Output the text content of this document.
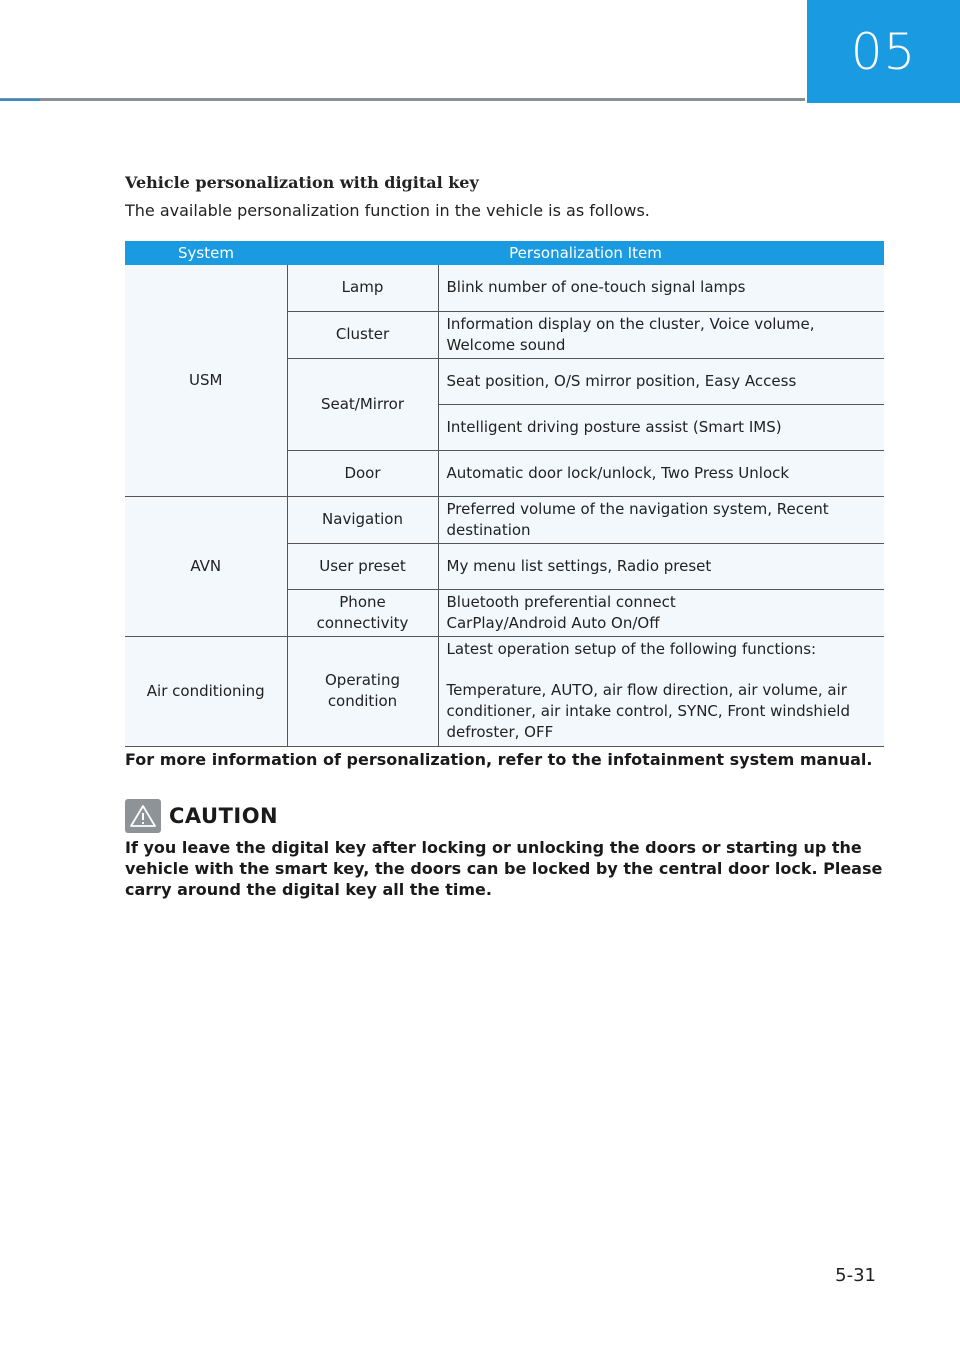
05
Vehicle personalization with digital key
The available personalization function in the vehicle is as follows.
System	Personalization Item	
USM	Lamp	Blink number of one-touch signal lamps
	Cluster	Information display on the cluster, Voice volume, Welcome sound
	Seat/Mirror	Seat position, O/S mirror position, Easy Access
		Intelligent driving posture assist (Smart IMS)
	Door	Automatic door lock/unlock, Two Press Unlock
AVN	Navigation	Preferred volume of the navigation system, Recent destination
	User preset	My menu list settings, Radio preset
	Phone connectivity	Bluetooth preferential connect
CarPlay/Android Auto On/Off

Air conditioning	Operating condition	Latest operation setup of the following functions:
Temperature, AUTO, air flow direction, air volume, air conditioner, air intake control, SYNC, Front windshield defroster, OFF
For more information of personalization, refer to the infotainment system manual.
CAUTION
If you leave the digital key after locking or unlocking the doors or starting up the vehicle with the smart key, the doors can be locked by the central door lock. Please carry around the digital key all the time.
5-31
